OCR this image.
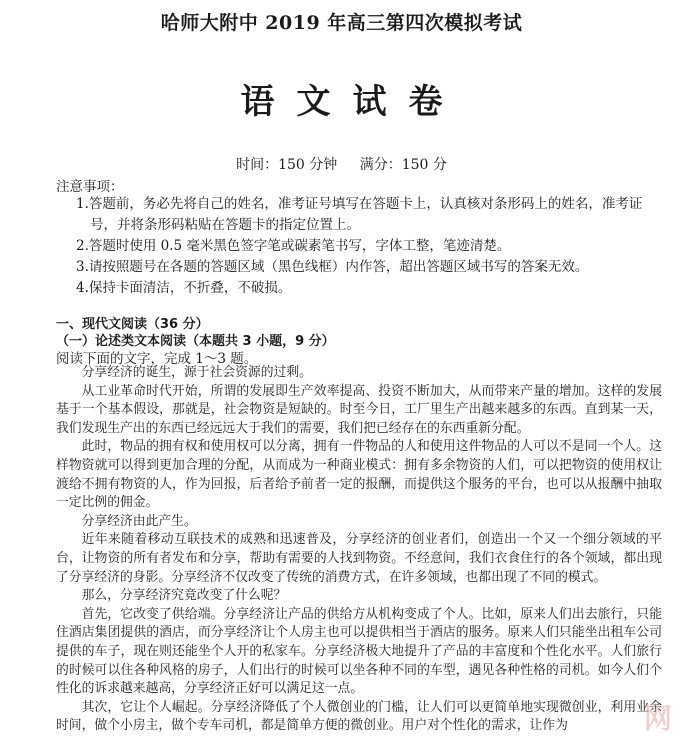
哈师大附中 2019 年高三第四次模拟考试
语文试卷
时间：150 分钟 满分：150 分
注意事项：

1.答题前，务必先将自己的姓名，准考证号填写在答题卡上，认真核对条形码上的姓名，准考证号，并将条形码粘贴在答题卡的指定位置上。

2.答题时使用 0.5 毫米黑色签字笔或碳素笔书写，字体工整，笔迹清楚。

3.请按照题号在各题的答题区域（黑色线框）内作答，超出答题区域书写的答案无效。

4.保持卡面清洁，不折叠，不破损。

一、现代文阅读（36 分）
（一）论述类文本阅读（本题共 3 小题，9 分）
阅读下面的文字，完成 1～3 题。

分享经济的诞生，源于社会资源的过剩。

从工业革命时代开始，所谓的发展即生产效率提高、投资不断加大，从而带来产量的增加。这样的发展基于一个基本假设，那就是，社会物资是短缺的。时至今日，工厂里生产出越来越多的东西。直到某一天，我们发现生产出的东西已经远远大于我们的需要，我们把已经存在的东西重新分配。

此时，物品的拥有权和使用权可以分离，拥有一件物品的人和使用这件物品的人可以不是同一个人。这样物资就可以得到更加合理的分配，从而成为一种商业模式：拥有多余物资的人们，可以把物资的使用权让渡给不拥有物资的人，作为回报，后者给予前者一定的报酬，而提供这个服务的平台，也可以从报酬中抽取一定比例的佣金。

分享经济由此产生。

近年来随着移动互联技术的成熟和迅速普及，分享经济的创业者们，创造出一个又一个细分领域的平台，让物资的所有者发布和分享，帮助有需要的人找到物资。不经意间，我们衣食住行的各个领域，都出现了分享经济的身影。分享经济不仅改变了传统的消费方式，在许多领域，也都出现了不同的模式。

那么，分享经济究竟改变了什么呢？

首先，它改变了供给端。分享经济让产品的供给方从机构变成了个人。比如，原来人们出去旅行，只能住酒店集团提供的酒店，而分享经济让个人房主也可以提供相当于酒店的服务。原来人们只能坐出租车公司提供的车子，现在则还能坐个人开的私家车。分享经济极大地提升了产品的丰富度和个性化水平。人们旅行的时候可以住各种风格的房子，人们出行的时候可以坐各种不同的车型，遇见各种性格的司机。如今人们个性化的诉求越来越高，分享经济正好可以满足这一点。

其次，它让个人崛起。分享经济降低了个人微创业的门槛，让人们可以更简单地实现微创业，利用业余时间，做个小房主，做个专车司机，都是简单方便的微创业。用户对个性化的需求，让作为	网
